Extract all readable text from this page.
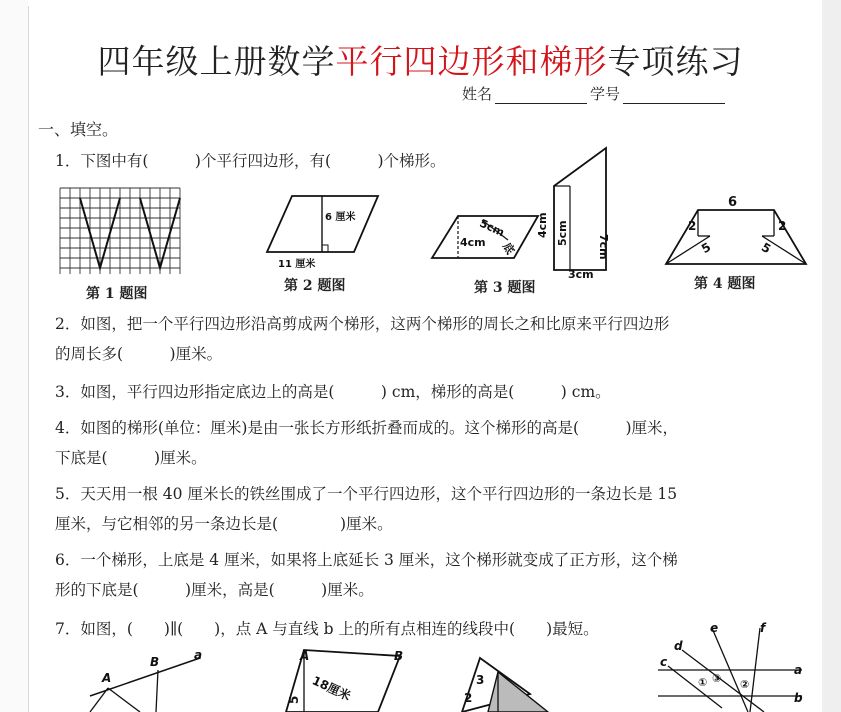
四年级上册数学平行四边形和梯形专项练习
姓名	学号
一、填空。
1．下图中有(　　　)个平行四边形，有(　　　)个梯形。
第 1 题图
6 厘米
11 厘米
第 2 题图
5cm
4cm 底
4cm 5cm
7cm
3cm
第 3 题图
6
2	2
5	5
第 4 题图
2．如图，把一个平行四边形沿高剪成两个梯形，这两个梯形的周长之和比原来平行四边形
的周长多(　　　)厘米。
3．如图，平行四边形指定底边上的高是(　　　) cm，梯形的高是(　　　) cm。
4．如图的梯形(单位：厘米)是由一张长方形纸折叠而成的。这个梯形的高是(　　　)厘米，
下底是(　　　)厘米。
5．天天用一根 40 厘米长的铁丝围成了一个平行四边形，这个平行四边形的一条边长是 15
厘米，与它相邻的另一条边长是(　　　　)厘米。
6．一个梯形，上底是 4 厘米，如果将上底延长 3 厘米，这个梯形就变成了正方形，这个梯
形的下底是(　　　)厘米，高是(　　　)厘米。
7．如图，(　　)∥(　　)，点 A 与直线 b 上的所有点相连的线段中(　　)最短。
A
B	a	A	B
18厘米
5
3
2
e	f
d
c
a
b
① ③ ②
